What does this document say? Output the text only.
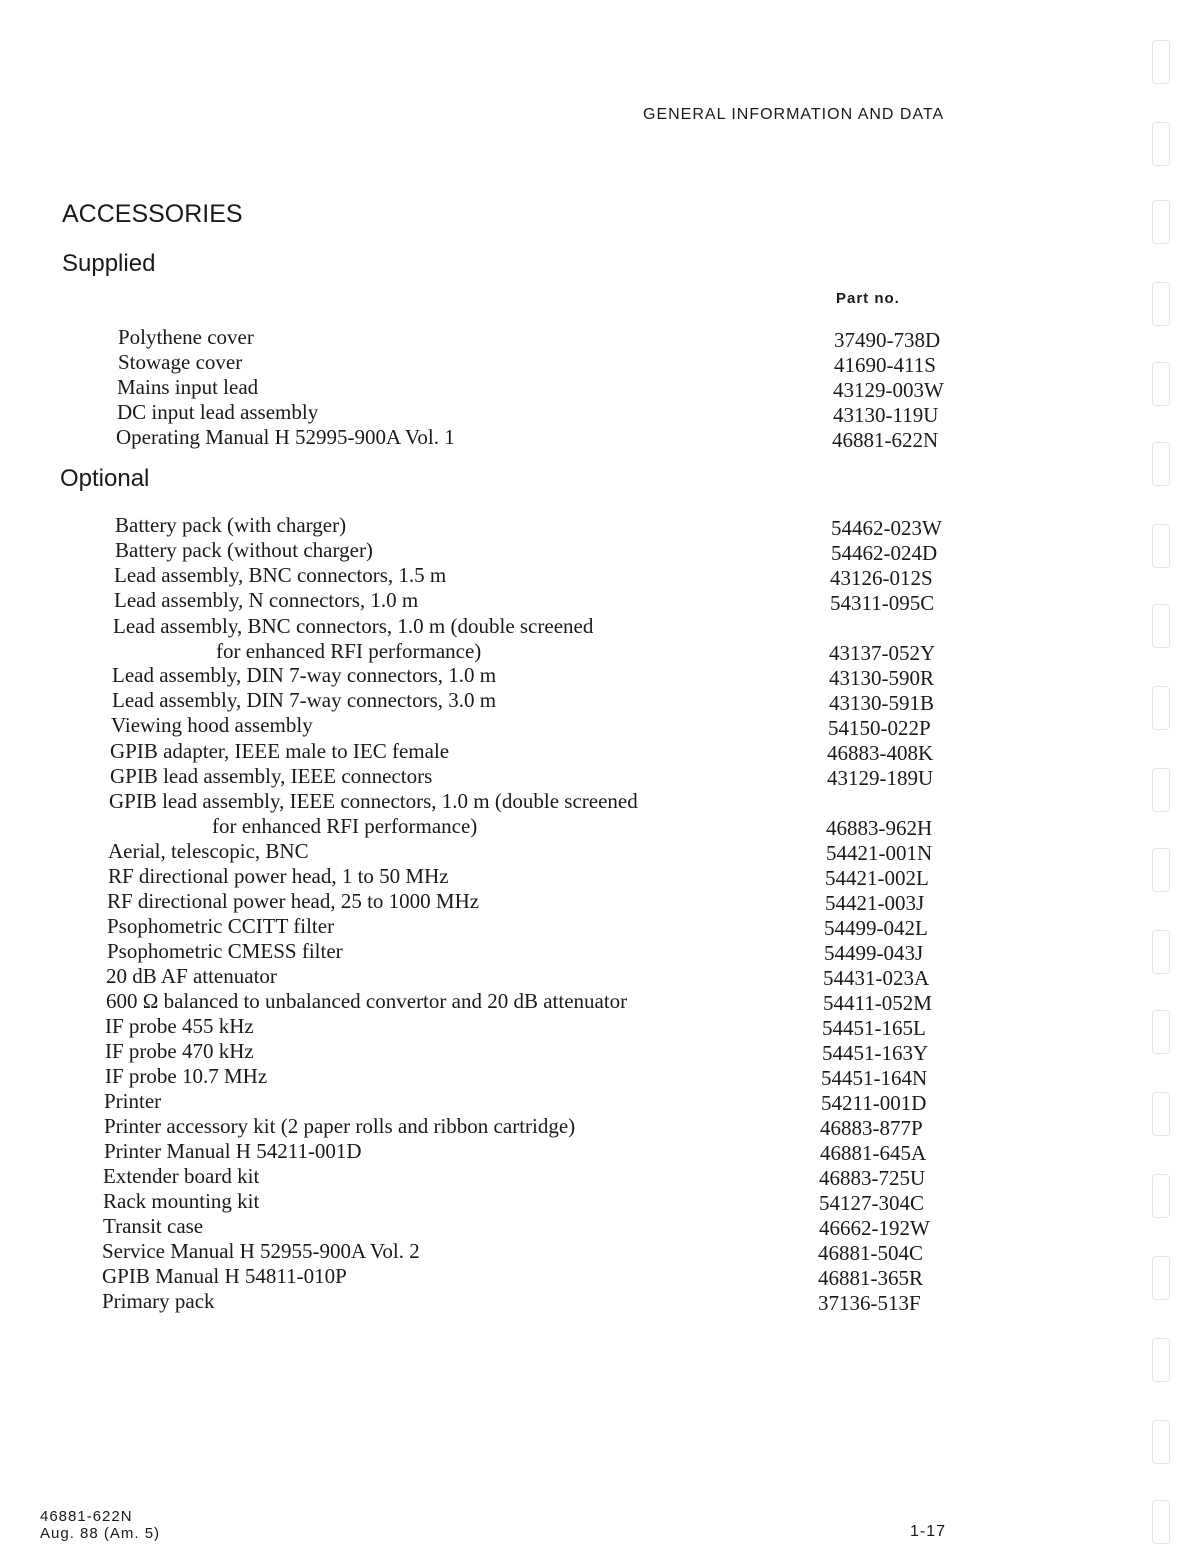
GENERAL INFORMATION AND DATA
ACCESSORIES
Supplied
Part no.
Polythene cover	37490-738D
Stowage cover	41690-411S
Mains input lead	43129-003W
DC input lead assembly	43130-119U
Operating Manual H 52995-900A Vol. 1	46881-622N
Optional
Battery pack (with charger)	54462-023W
Battery pack (without charger)	54462-024D
Lead assembly, BNC connectors, 1.5 m	43126-012S
Lead assembly, N connectors, 1.0 m	54311-095C
Lead assembly, BNC connectors, 1.0 m (double screened
for enhanced RFI performance)	43137-052Y
Lead assembly, DIN 7-way connectors, 1.0 m	43130-590R
Lead assembly, DIN 7-way connectors, 3.0 m	43130-591B
Viewing hood assembly	54150-022P
GPIB adapter, IEEE male to IEC female	46883-408K
GPIB lead assembly, IEEE connectors	43129-189U
GPIB lead assembly, IEEE connectors, 1.0 m (double screened
for enhanced RFI performance)	46883-962H
Aerial, telescopic, BNC	54421-001N
RF directional power head, 1 to 50 MHz	54421-002L
RF directional power head, 25 to 1000 MHz	54421-003J
Psophometric CCITT filter	54499-042L
Psophometric CMESS filter	54499-043J
20 dB AF attenuator	54431-023A
600 Ω balanced to unbalanced convertor and 20 dB attenuator	54411-052M
IF probe 455 kHz	54451-165L
IF probe 470 kHz	54451-163Y
IF probe 10.7 MHz	54451-164N
Printer	54211-001D
Printer accessory kit (2 paper rolls and ribbon cartridge)	46883-877P
Printer Manual H 54211-001D	46881-645A
Extender board kit	46883-725U
Rack mounting kit	54127-304C
Transit case	46662-192W
Service Manual H 52955-900A Vol. 2	46881-504C
GPIB Manual H 54811-010P	46881-365R
Primary pack	37136-513F
46881-622N
Aug. 88 (Am. 5)	1-17
